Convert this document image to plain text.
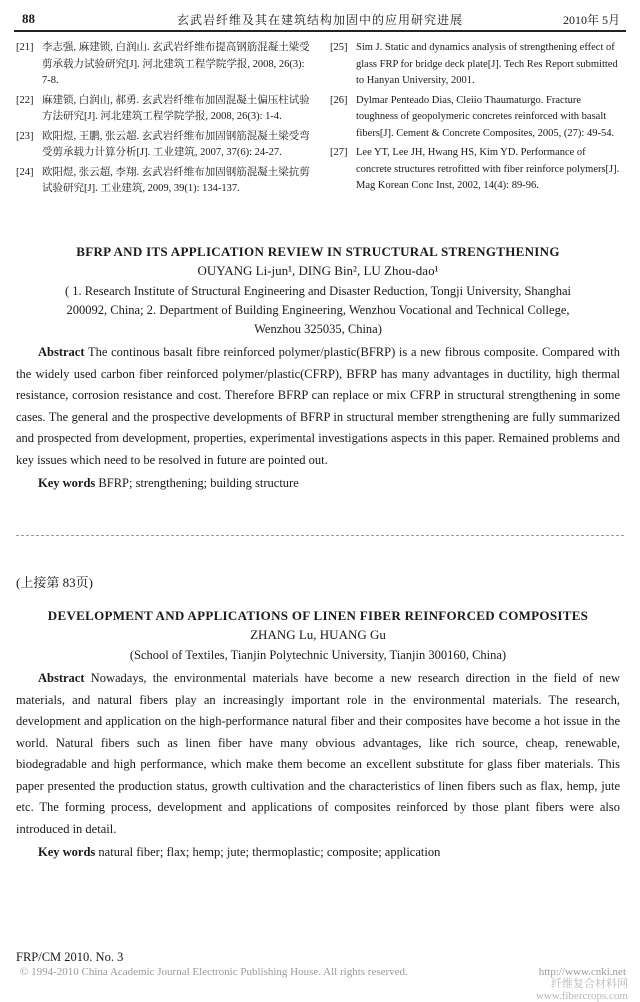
88	玄武岩纤维及其在建筑结构加固中的应用研究进展	2010年 5月
[21] 李志强, 麻建锁, 白润山. 玄武岩纤维布提高钢筋混凝土梁受剪承载力试验研究[J]. 河北建筑工程学院学报, 2008, 26(3): 7-8.
[22] 麻建锁, 白润山, 郝勇. 玄武岩纤维布加固混凝土偏压柱试验方法研究[J]. 河北建筑工程学院学报, 2008, 26(3): 1-4.
[23] 欧阳煜, 王鹏, 张云超. 玄武岩纤维布加固钢筋混凝土梁受弯受剪承载力计算分析[J]. 工业建筑, 2007, 37(6): 24-27.
[24] 欧阳煜, 张云超, 李翔. 玄武岩纤维布加固钢筋混凝土梁抗剪试验研究[J]. 工业建筑, 2009, 39(1): 134-137.
[25] Sim J. Static and dynamics analysis of strengthening effect of glass FRP for bridge deck plate[J]. Tech Res Report submitted to Hanyan University, 2001.
[26] Dylmar Penteado Dias, Cleiio Thaumaturgo. Fracture toughness of geopolymeric concretes reinforced with basalt fibers[J]. Cement & Concrete Composites, 2005, (27): 49-54.
[27] Lee YT, Lee JH, Hwang HS, Kim YD. Performance of concrete structures retrofitted with fiber reinforce polymers[J]. Mag Korean Conc Inst, 2002, 14(4): 89-96.
BFRP AND ITS APPLICATION REVIEW IN STRUCTURAL STRENGTHENING
OUYANG Li-jun¹, DING Bin², LU Zhou-dao¹
( 1. Research Institute of Structural Engineering and Disaster Reduction, Tongji University, Shanghai 200092, China; 2. Department of Building Engineering, Wenzhou Vocational and Technical College, Wenzhou 325035, China)
Abstract The continous basalt fibre reinforced polymer/plastic(BFRP) is a new fibrous composite. Compared with the widely used carbon fiber reinforced polymer/plastic(CFRP), BFRP has many advantages in ductility, high thermal resistance, corrosion resistance and cost. Therefore BFRP can replace or mix CFRP in structural strengthening in some cases. The general and the prospective developments of BFRP in structural member strengthening are fully summarized and prospected from development, properties, experimental investigations aspects in this paper. Remained problems and key issues which need to be resolved in future are pointed out.
Key words BFRP; strengthening; building structure
(上接第 83页)
DEVELOPMENT AND APPLICATIONS OF LINEN FIBER REINFORCED COMPOSITES
ZHANG Lu, HUANG Gu
(School of Textiles, Tianjin Polytechnic University, Tianjin 300160, China)
Abstract Nowadays, the environmental materials have become a new research direction in the field of new materials, and natural fibers play an increasingly important role in the environmental materials. The research, development and application on the high-performance natural fiber and their composites have become a hot issue in the world. Natural fibers such as linen fiber have many obvious advantages, like rich source, cheap, renewable, biodegradable and high performance, which make them become an excellent substitute for glass fiber materials. This paper presented the production status, growth cultivation and the characteristics of linen fibers such as flax, hemp, jute etc. The forming process, development and applications of composites reinforced by those plant fibers were also introduced in detail.
Key words natural fiber; flax; hemp; jute; thermoplastic; composite; application
FRP/CM 2010. No. 3
© 1994-2010 China Academic Journal Electronic Publishing House. All rights reserved.	http://www.cnki.net
纤维复合材料网
www.fibercrops.com
